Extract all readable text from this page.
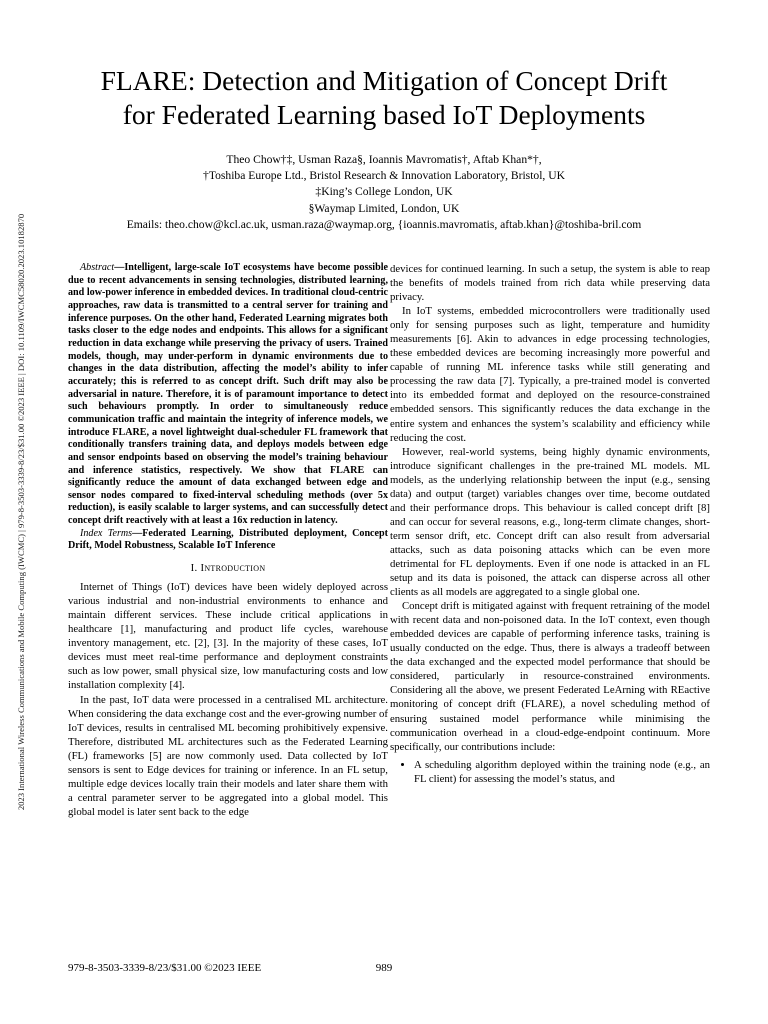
2023 International Wireless Communications and Mobile Computing (IWCMC) | 979-8-3503-3339-8/23/$31.00 ©2023 IEEE | DOI: 10.1109/IWCMC58020.2023.10182870
FLARE: Detection and Mitigation of Concept Drift
for Federated Learning based IoT Deployments
Theo Chow†‡, Usman Raza§, Ioannis Mavromatis†, Aftab Khan*†,
†Toshiba Europe Ltd., Bristol Research & Innovation Laboratory, Bristol, UK
‡King’s College London, UK
§Waymap Limited, London, UK
Emails: theo.chow@kcl.ac.uk, usman.raza@waymap.org, {ioannis.mavromatis, aftab.khan}@toshiba-bril.com

Abstract—Intelligent, large-scale IoT ecosystems have become possible due to recent advancements in sensing technologies, distributed learning, and low-power inference in embedded devices. In traditional cloud-centric approaches, raw data is transmitted to a central server for training and inference purposes. On the other hand, Federated Learning migrates both tasks closer to the edge nodes and endpoints. This allows for a significant reduction in data exchange while preserving the privacy of users. Trained models, though, may under-perform in dynamic environments due to changes in the data distribution, affecting the model’s ability to infer accurately; this is referred to as concept drift. Such drift may also be adversarial in nature. Therefore, it is of paramount importance to detect such behaviours promptly. In order to simultaneously reduce communication traffic and maintain the integrity of inference models, we introduce FLARE, a novel lightweight dual-scheduler FL framework that conditionally transfers training data, and deploys models between edge and sensor endpoints based on observing the model’s training behaviour and inference statistics, respectively. We show that FLARE can significantly reduce the amount of data exchanged between edge and sensor nodes compared to fixed-interval scheduling methods (over 5x reduction), is easily scalable to larger systems, and can successfully detect concept drift reactively with at least a 16x reduction in latency.

Index Terms—Federated Learning, Distributed deployment, Concept Drift, Model Robustness, Scalable IoT Inference

I. Introduction

Internet of Things (IoT) devices have been widely deployed across various industrial and non-industrial environments to enhance and maintain different services. These include critical applications in healthcare [1], manufacturing and product life cycles, warehouse inventory management, etc. [2], [3]. In the majority of these cases, IoT devices must meet real-time performance and deployment constraints such as low power, small physical size, low manufacturing costs and low installation complexity [4].

In the past, IoT data were processed in a centralised ML architecture. When considering the data exchange cost and the ever-growing number of IoT devices, results in centralised ML becoming prohibitively expensive. Therefore, distributed ML architectures such as the Federated Learning (FL) frameworks [5] are now commonly used. Data collected by IoT sensors is sent to Edge devices for training or inference. In an FL setup, multiple edge devices locally train their models and later share them with a central parameter server to be aggregated into a global model. This global model is later sent back to the edge

devices for continued learning. In such a setup, the system is able to reap the benefits of models trained from rich data while preserving data privacy.

In IoT systems, embedded microcontrollers were traditionally used only for sensing purposes such as light, temperature and humidity measurements [6]. Akin to advances in edge processing technologies, these embedded devices are becoming increasingly more powerful and capable of running ML inference tasks while still generating and processing the raw data [7]. Typically, a pre-trained model is converted into its embedded format and deployed on the resource-constrained embedded sensors. This significantly reduces the data exchange in the entire system and enhances the system’s scalability and efficiency while reducing the cost.

However, real-world systems, being highly dynamic environments, introduce significant challenges in the pre-trained ML models. ML models, as the underlying relationship between the input (e.g., sensing data) and output (target) variables changes over time, become outdated and their performance drops. This behaviour is called concept drift [8] and can occur for several reasons, e.g., long-term climate changes, short-term sensor drift, etc. Concept drift can also result from adversarial attacks, such as data poisoning attacks which can be even more detrimental for FL deployments. Even if one node is attacked in an FL setup and its data is poisoned, the attack can disperse across all other clients as all models are aggregated to a single global one.

Concept drift is mitigated against with frequent retraining of the model with recent data and non-poisoned data. In the IoT context, even though embedded devices are capable of performing inference tasks, training is usually conducted on the edge. Thus, there is always a tradeoff between the data exchanged and the expected model performance that should be considered, particularly in resource-constrained environments. Considering all the above, we present Federated LeArning with REactive monitoring of concept drift (FLARE), a novel scheduling method of ensuring sustained model performance while minimising the communication overhead in a cloud-edge-endpoint continuum. More specifically, our contributions include:

• A scheduling algorithm deployed within the training node (e.g., an FL client) for assessing the model’s status, and
979-8-3503-3339-8/23/$31.00 ©2023 IEEE	989
